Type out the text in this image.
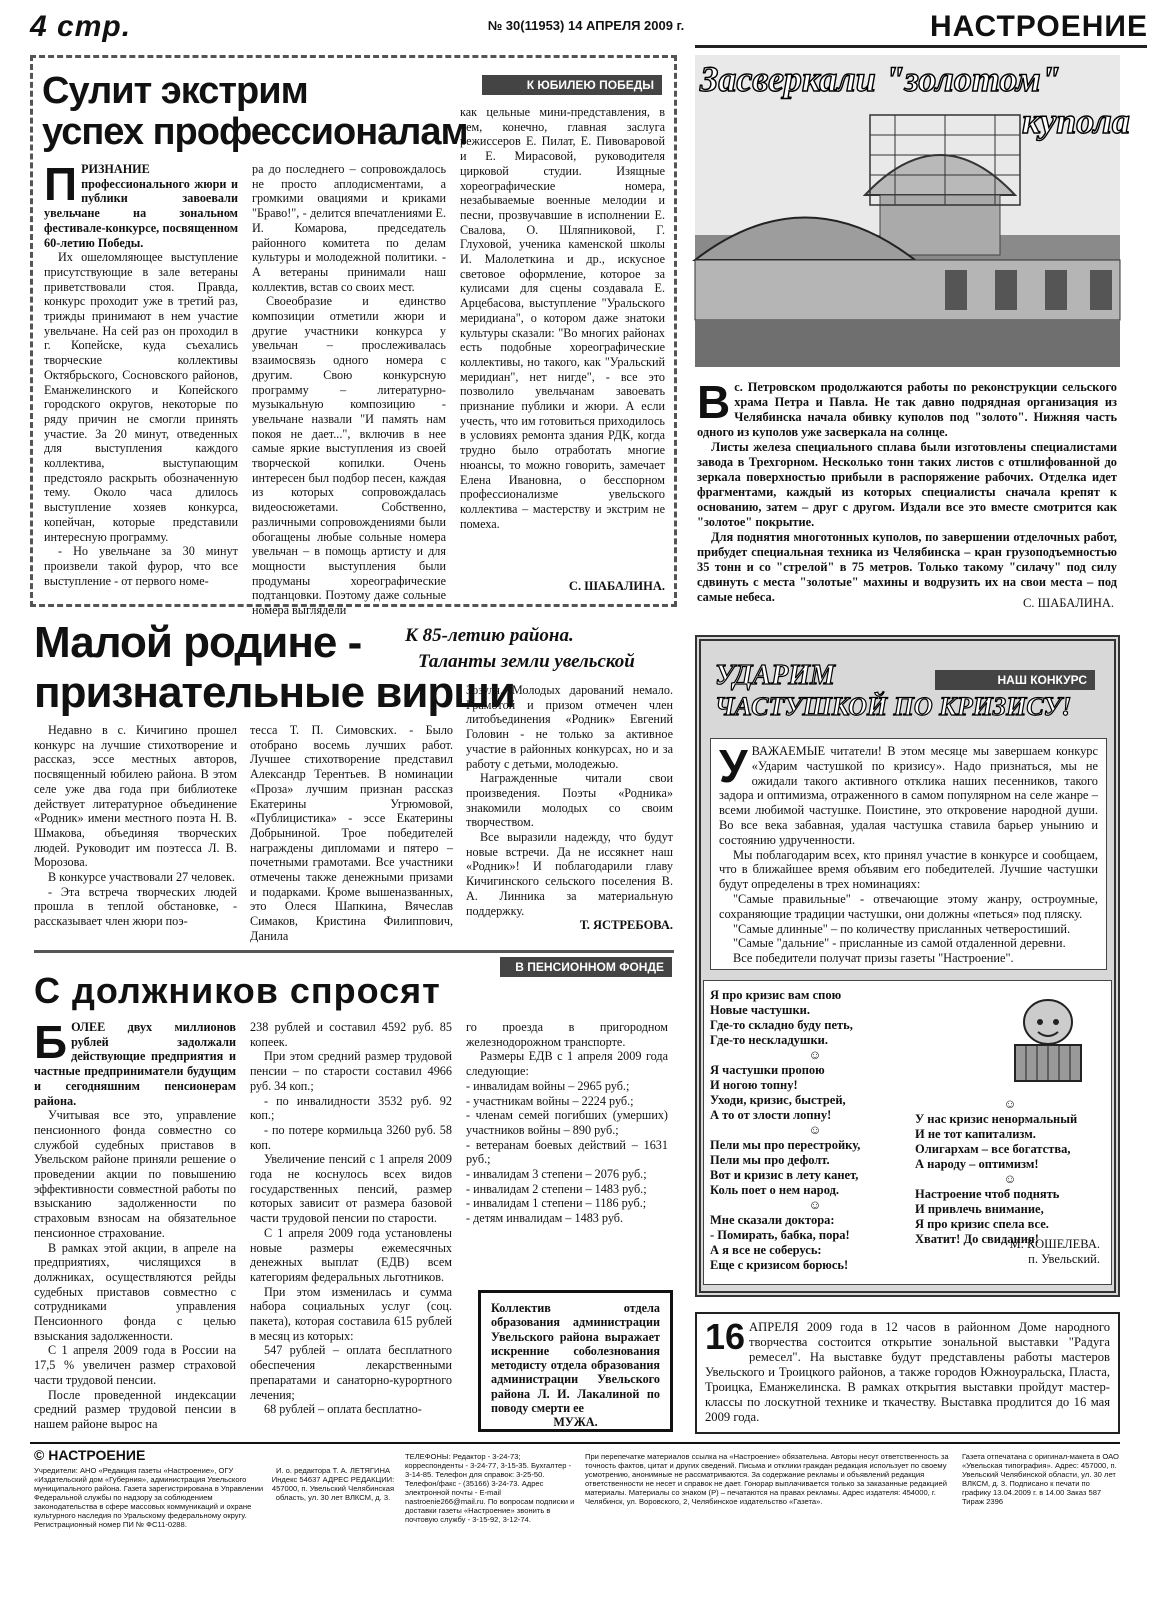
4 стр.	№ 30(11953) 14 АПРЕЛЯ 2009 г.	НАСТРОЕНИЕ
К ЮБИЛЕЮ ПОБЕДЫ
Сулит экстрим
успех профессионалам
П РИЗНАНИЕ профессионального жюри и публики завоевали увельчане на зональном фестивале-конкурсе, посвященном 60-летию Победы.

Их ошеломляющее выступление присутствующие в зале ветераны приветствовали стоя. Правда, конкурс проходит уже в третий раз, трижды принимают в нем участие увельчане. На сей раз он проходил в г. Копейске, куда съехались творческие коллективы Октябрьского, Сосновского районов, Еманжелинского и Копейского городского округов, некоторые по ряду причин не смогли принять участие. За 20 минут, отведенных для выступления каждого коллектива, выступающим предстояло раскрыть обозначенную тему. Около часа длилось выступление хозяев конкурса, копейчан, которые представили интересную программу.

- Но увельчане за 30 минут произвели такой фурор, что все выступление - от первого номе-

ра до последнего – сопровождалось не просто аплодисментами, а громкими овациями и криками "Браво!", - делится впечатлениями Е. И. Комарова, председатель районного комитета по делам культуры и молодежной политики. - А ветераны принимали наш коллектив, встав со своих мест.

Своеобразие и единство композиции отметили жюри и другие участники конкурса у увельчан – прослеживалась взаимосвязь одного номера с другим. Свою конкурсную программу – литературно-музыкальную композицию - увельчане назвали "И память нам покоя не дает...", включив в нее самые яркие выступления из своей творческой копилки. Очень интересен был подбор песен, каждая из которых сопровождалась видеосюжетами. Собственно, различными сопровождениями были обогащены любые сольные номера увельчан – в помощь артисту и для мощности выступления были продуманы хореографические подтанцовки. Поэтому даже сольные номера выглядели

как цельные мини-представления, в чем, конечно, главная заслуга режиссеров Е. Пилат, Е. Пивоваровой и Е. Мирасовой, руководителя цирковой студии. Изящные хореографические номера, незабываемые военные мелодии и песни, прозвучавшие в исполнении Е. Свалова, О. Шляпниковой, Г. Глуховой, ученика каменской школы И. Малолеткина и др., искусное световое оформление, которое за кулисами для сцены создавала Е. Арцебасова, выступление "Уральского меридиана", о котором даже знатоки культуры сказали: "Во многих районах есть подобные хореографические коллективы, но такого, как "Уральский меридиан", нет нигде", - все это позволило увельчанам завоевать признание публики и жюри. А если учесть, что им готовиться приходилось в условиях ремонта здания РДК, когда трудно было отработать многие нюансы, то можно говорить, замечает Елена Ивановна, о бесспорном профессионализме увельского коллектива – мастерству и экстрим не помеха.

С. ШАБАЛИНА.
Засверкали "золотом"
купола
В с. Петровском продолжаются работы по реконструкции сельского храма Петра и Павла. Не так давно подрядная организация из Челябинска начала обивку куполов под "золото". Нижняя часть одного из куполов уже засверкала на солнце.

Листы железа специального сплава были изготовлены специалистами завода в Трехгорном. Несколько тонн таких листов с отшлифованной до зеркала поверхностью прибыли в распоряжение рабочих. Отделка идет фрагментами, каждый из которых специалисты сначала крепят к основанию, затем – друг с другом. Издали все это вместе смотрится как "золотое" покрытие.

Для поднятия многотонных куполов, по завершении отделочных работ, прибудет специальная техника из Челябинска – кран грузоподъемностью 35 тонн и со "стрелой" в 75 метров. Только такому "силачу" под силу сдвинуть с места "золотые" махины и водрузить их на свои места – под самые небеса.	С. ШАБАЛИНА.
Малой родине -
признательные вирши
К 85-летию района.
Таланты земли увельской

Недавно в с. Кичигино прошел конкурс на лучшие стихотворение и рассказ, эссе местных авторов, посвященный юбилею района. В этом селе уже два года при библиотеке действует литературное объединение «Родник» имени местного поэта Н. В. Шмакова, объединяя творческих людей. Руководит им поэтесса Л. В. Морозова.

В конкурсе участвовали 27 человек.

- Эта встреча творческих людей прошла в теплой обстановке, - рассказывает член жюри поэ-

тесса Т. П. Симовских. - Было отобрано восемь лучших работ. Лучшее стихотворение представил Александр Терентьев. В номинации «Проза» лучшим признан рассказ Екатерины Угрюмовой, «Публицистика» - эссе Екатерины Добрыниной. Трое победителей награждены дипломами и пятеро – почетными грамотами. Все участники отмечены также денежными призами и подарками. Кроме вышеназванных, это Олеся Шапкина, Вячеслав Симаков, Кристина Филиппович, Данила

Зозуля. Молодых дарований немало. Грамотой и призом отмечен член литобъединения «Родник» Евгений Головин - не только за активное участие в районных конкурсах, но и за работу с детьми, молодежью.

Награжденные читали свои произведения. Поэты «Родника» знакомили молодых со своим творчеством.

Все выразили надежду, что будут новые встречи. Да не иссякнет наш «Родник»! И поблагодарили главу Кичигинского сельского поселения В. А. Линника за материальную поддержку.

Т. ЯСТРЕБОВА.
НАШ КОНКУРС
УДАРИМ
ЧАСТУШКОЙ ПО КРИЗИСУ!
У ВАЖАЕМЫЕ читатели! В этом месяце мы завершаем конкурс «Ударим частушкой по кризису». Надо признаться, мы не ожидали такого активного отклика наших песенников, такого задора и оптимизма, отраженного в самом популярном на селе жанре – всеми любимой частушке. Поистине, это откровение народной души. Во все века забавная, удалая частушка ставила барьер унынию и состоянию удрученности.

Мы поблагодарим всех, кто принял участие в конкурсе и сообщаем, что в ближайшее время объявим его победителей. Лучшие частушки будут определены в трех номинациях:

"Самые правильные" - отвечающие этому жанру, остроумные, сохраняющие традиции частушки, они должны «петься» под пляску.

"Самые длинные" – по количеству присланных четверостиший.

"Самые "дальние" - присланные из самой отдаленной деревни.

Все победители получат призы газеты "Настроение".

Я про кризис вам спою
Новые частушки.
Где-то складно буду петь,
Где-то нескладушки.
☺
Я частушки пропою
И ногою топну!
Уходи, кризис, быстрей,
А то от злости лопну!
☺
Пели мы про перестройку,
Пели мы про дефолт.
Вот и кризис в лету канет,
Коль поет о нем народ.
☺
Мне сказали доктора:
- Помирать, бабка, пора!
А я все не соберусь:
Еще с кризисом борюсь!
☺
У нас кризис ненормальный
И не тот капитализм.
Олигархам – все богатства,
А народу – оптимизм!
☺
Настроение чтоб поднять
И привлечь внимание,
Я про кризис спела все.
Хватит! До свидания!
М. КОШЕЛЕВА.
п. Увельский.
В ПЕНСИОННОМ ФОНДЕ
С должников спросят
Б ОЛЕЕ двух миллионов рублей задолжали действующие предприятия и частные предприниматели будущим и сегодняшним пенсионерам района.

Учитывая все это, управление пенсионного фонда совместно со службой судебных приставов в Увельском районе приняли решение о проведении акции по повышению эффективности совместной работы по взысканию задолженности по страховым взносам на обязательное пенсионное страхование.

В рамках этой акции, в апреле на предприятиях, числящихся в должниках, осуществляются рейды судебных приставов совместно с сотрудниками управления Пенсионного фонда с целью взыскания задолженности.

С 1 апреля 2009 года в России на 17,5 % увеличен размер страховой части трудовой пенсии.

После проведенной индексации средний размер трудовой пенсии в нашем районе вырос на

238 рублей и составил 4592 руб. 85 копеек.

При этом средний размер трудовой пенсии – по старости составил 4966 руб. 34 коп.;

- по инвалидности 3532 руб. 92 коп.;

- по потере кормильца 3260 руб. 58 коп.

Увеличение пенсий с 1 апреля 2009 года не коснулось всех видов государственных пенсий, размер которых зависит от размера базовой части трудовой пенсии по старости.

С 1 апреля 2009 года установлены новые размеры ежемесячных денежных выплат (ЕДВ) всем категориям федеральных льготников.

При этом изменилась и сумма набора социальных услуг (соц. пакета), которая составила 615 рублей в месяц из которых:

547 рублей – оплата бесплатного обеспечения лекарственными препаратами и санаторно-курортного лечения;

68 рублей – оплата бесплатно-

го проезда в пригородном железнодорожном транспорте.

Размеры ЕДВ с 1 апреля 2009 года следующие:

- инвалидам войны – 2965 руб.;
- участникам войны – 2224 руб.;
- членам семей погибших (умерших) участников войны – 890 руб.;
- ветеранам боевых действий – 1631 руб.;
- инвалидам 3 степени – 2076 руб.;
- инвалидам 2 степени – 1483 руб.;
- инвалидам 1 степени – 1186 руб.;
- детям инвалидам – 1483 руб.
Коллектив отдела образования администрации Увельского района выражает искренние соболезнования методисту отдела образования администрации Увельского района Л. И. Лакалиной по поводу смерти ее
МУЖА.
16 АПРЕЛЯ 2009 года в 12 часов в районном Доме народного творчества состоится открытие зональной выставки "Радуга ремесел". На выставке будут представлены работы мастеров Увельского и Троицкого районов, а также городов Южноуральска, Пласта, Троицка, Еманжелинска. В рамках открытия выставки пройдут мастер-классы по лоскутной технике и ткачеству. Выставка продлится до 16 мая 2009 года.
© НАСТРОЕНИЕ
Учредители: АНО «Редакция газеты «Настроение», ОГУ «Издательский дом «Губерния», администрация Увельского муниципального района. Газета зарегистрирована в Управлении Федеральной службы по надзору за соблюдением законодательства в сфере массовых коммуникаций и охране культурного наследия по Уральскому федеральному округу. Регистрационный номер ПИ № ФС11-0288.
И. о. редактора Т. А. ЛЕТЯГИНА Индекс 54637 АДРЕС РЕДАКЦИИ: 457000, п. Увельский Челябинская область, ул. 30 лет ВЛКСМ, д. 3.
ТЕЛЕФОНЫ: Редактор - 3-24-73; корреспонденты - 3-24-77, 3-15-35. Бухгалтер - 3-14-85. Телефон для справок: 3-25-50. Телефон/факс - (35166) 3-24-73. Адрес электронной почты - E-mail nastroenie266@mail.ru. По вопросам подписки и доставки газеты «Настроение» звонить в почтовую службу - 3-15-92, 3-12-74.
При перепечатке материалов ссылка на «Настроение» обязательна. Авторы несут ответственность за точность фактов, цитат и других сведений. Письма и отклики граждан редакция использует по своему усмотрению, анонимные не рассматриваются. За содержание рекламы и объявлений редакция ответственности не несет и справок не дает. Гонорар выплачивается только за заказанные редакцией материалы. Материалы со знаком (Р) – печатаются на правах рекламы. Адрес издателя: 454000, г. Челябинск, ул. Воровского, 2, Челябинское издательство «Газета».
Газета отпечатана с оригинал-макета в ОАО «Увельская типография». Адрес: 457000, п. Увельский Челябинской области, ул. 30 лет ВЛКСМ, д. 3. Подписано к печати по графику 13.04.2009 г. в 14.00 Заказ 587 Тираж 2396
